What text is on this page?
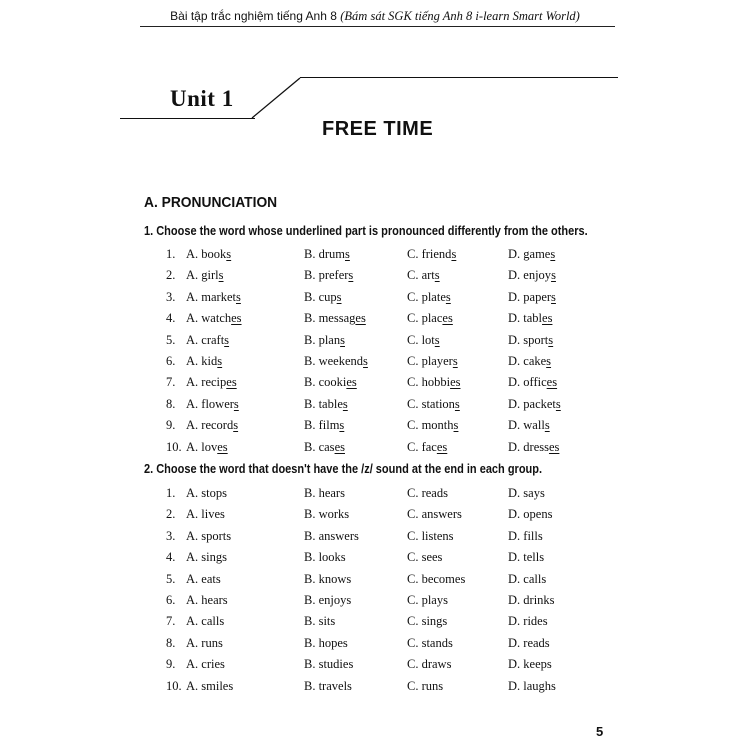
Bài tập trắc nghiệm tiếng Anh 8 (Bám sát SGK tiếng Anh 8 i-learn Smart World)
Unit 1
FREE TIME
A. PRONUNCIATION
1. Choose the word whose underlined part is pronounced differently from the others.
1. A. books	B. drums	C. friends	D. games
2. A. girls	B. prefers	C. arts	D. enjoys
3. A. markets	B. cups	C. plates	D. papers
4. A. watches	B. messages	C. places	D. tables
5. A. crafts	B. plans	C. lots	D. sports
6. A. kids	B. weekends	C. players	D. cakes
7. A. recipes	B. cookies	C. hobbies	D. offices
8. A. flowers	B. tables	C. stations	D. packets
9. A. records	B. films	C. months	D. walls
10. A. loves	B. cases	C. faces	D. dresses
2. Choose the word that doesn't have the /z/ sound at the end in each group.
1. A. stops	B. hears	C. reads	D. says
2. A. lives	B. works	C. answers	D. opens
3. A. sports	B. answers	C. listens	D. fills
4. A. sings	B. looks	C. sees	D. tells
5. A. eats	B. knows	C. becomes	D. calls
6. A. hears	B. enjoys	C. plays	D. drinks
7. A. calls	B. sits	C. sings	D. rides
8. A. runs	B. hopes	C. stands	D. reads
9. A. cries	B. studies	C. draws	D. keeps
10. A. smiles	B. travels	C. runs	D. laughs
5
